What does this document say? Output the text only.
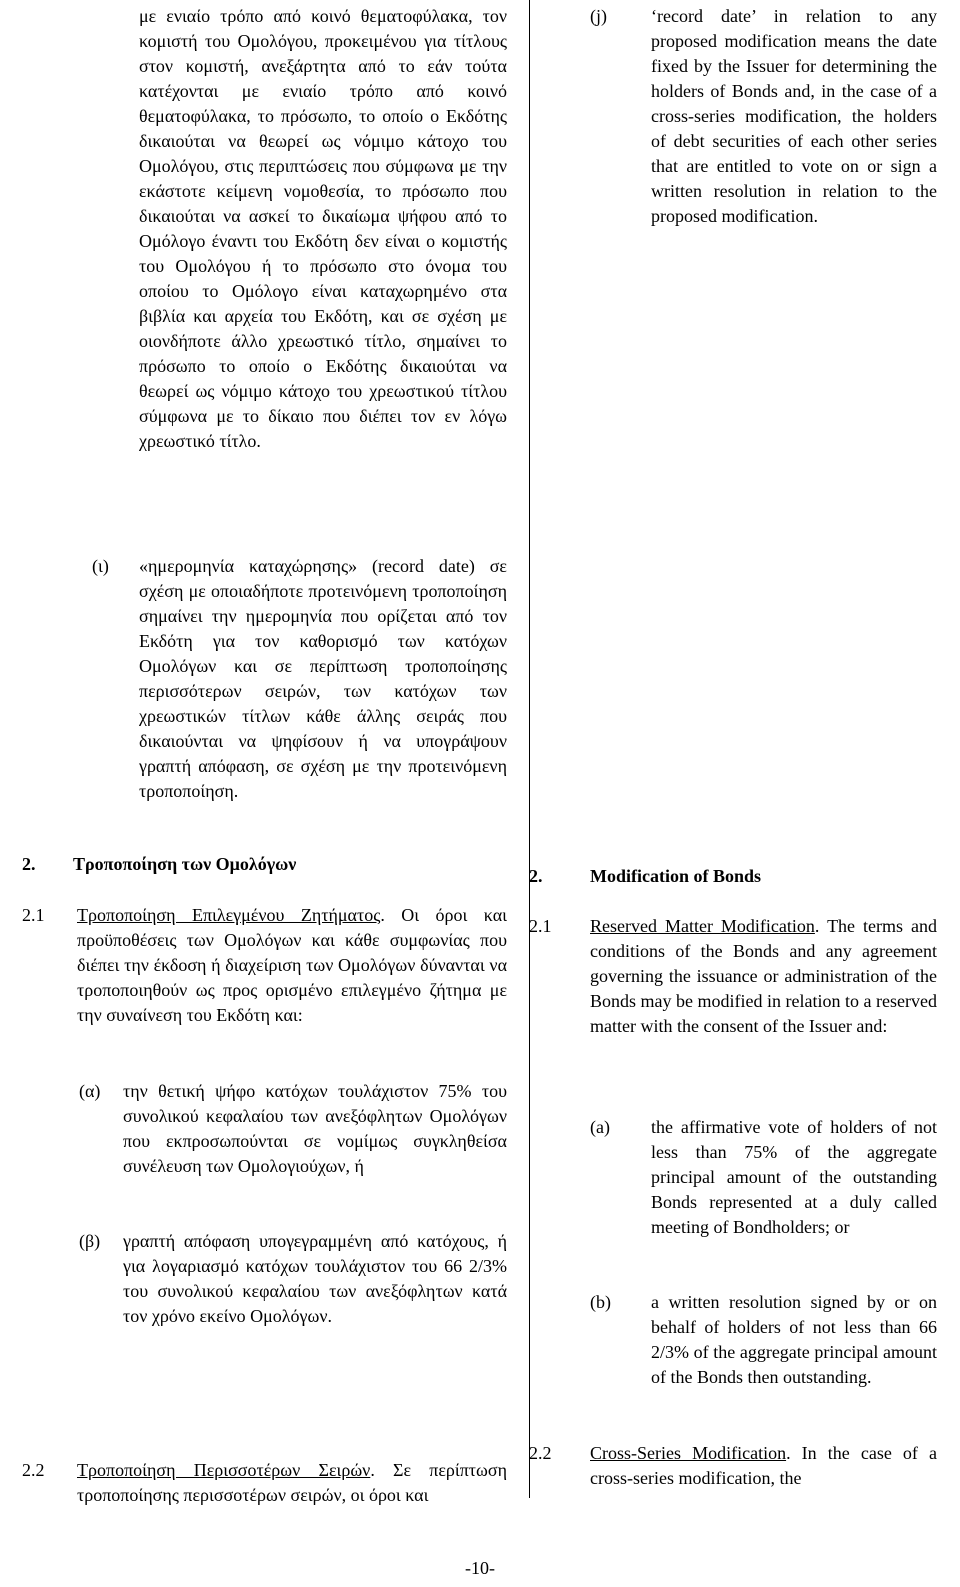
με ενιαίο τρόπο από κοινό θεματοφύλακα, τον κομιστή του Ομολόγου, προκειμένου για τίτλους στον κομιστή, ανεξάρτητα από το εάν τούτα κατέχονται με ενιαίο τρόπο από κοινό θεματοφύλακα, το πρόσωπο, το οποίο ο Εκδότης δικαιούται να θεωρεί ως νόμιμο κάτοχο του Ομολόγου, στις περιπτώσεις που σύμφωνα με την εκάστοτε κείμενη νομοθεσία, το πρόσωπο που δικαιούται να ασκεί το δικαίωμα ψήφου από το Ομόλογο έναντι του Εκδότη δεν είναι ο κομιστής του Ομολόγου ή το πρόσωπο στο όνομα του οποίου το Ομόλογο είναι καταχωρημένο στα βιβλία και αρχεία του Εκδότη, και σε σχέση με οιονδήποτε άλλο χρεωστικό τίτλο, σημαίνει το πρόσωπο το οποίο ο Εκδότης δικαιούται να θεωρεί ως νόμιμο κάτοχο του χρεωστικού τίτλου σύμφωνα με το δίκαιο που διέπει τον εν λόγω χρεωστικό τίτλο.
(ι) «ημερομηνία καταχώρησης» (record date) σε σχέση με οποιαδήποτε προτεινόμενη τροποποίηση σημαίνει την ημερομηνία που ορίζεται από τον Εκδότη για τον καθορισμό των κατόχων Ομολόγων και σε περίπτωση τροποποίησης περισσότερων σειρών, των κατόχων των χρεωστικών τίτλων κάθε άλλης σειράς που δικαιούνται να ψηφίσουν ή να υπογράψουν γραπτή απόφαση, σε σχέση με την προτεινόμενη τροποποίηση.
2. Τροποποίηση των Ομολόγων
2.1 Τροποποίηση Επιλεγμένου Ζητήματος. Οι όροι και προϋποθέσεις των Ομολόγων και κάθε συμφωνίας που διέπει την έκδοση ή διαχείριση των Ομολόγων δύνανται να τροποποιηθούν ως προς ορισμένο επιλεγμένο ζήτημα με την συναίνεση του Εκδότη και:
(α) την θετική ψήφο κατόχων τουλάχιστον 75% του συνολικού κεφαλαίου των ανεξόφλητων Ομολόγων που εκπροσωπούνται σε νομίμως συγκληθείσα συνέλευση των Ομολογιούχων, ή
(β) γραπτή απόφαση υπογεγραμμένη από κατόχους, ή για λογαριασμό κατόχων τουλάχιστον του 66 2/3% του συνολικού κεφαλαίου των ανεξόφλητων κατά τον χρόνο εκείνο Ομολόγων.
2.2 Τροποποίηση Περισσοτέρων Σειρών. Σε περίπτωση τροποποίησης περισσοτέρων σειρών, οι όροι και
(j) ‘record date’ in relation to any proposed modification means the date fixed by the Issuer for determining the holders of Bonds and, in the case of a cross-series modification, the holders of debt securities of each other series that are entitled to vote on or sign a written resolution in relation to the proposed modification.
2.	Modification of Bonds
2.1 Reserved Matter Modification. The terms and conditions of the Bonds and any agreement governing the issuance or administration of the Bonds may be modified in relation to a reserved matter with the consent of the Issuer and:
(a) the affirmative vote of holders of not less than 75% of the aggregate principal amount of the outstanding Bonds represented at a duly called meeting of Bondholders; or
(b) a written resolution signed by or on behalf of holders of not less than 66 2/3% of the aggregate principal amount of the Bonds then outstanding.
2.2 Cross-Series Modification. In the case of a cross-series modification, the
-10-
